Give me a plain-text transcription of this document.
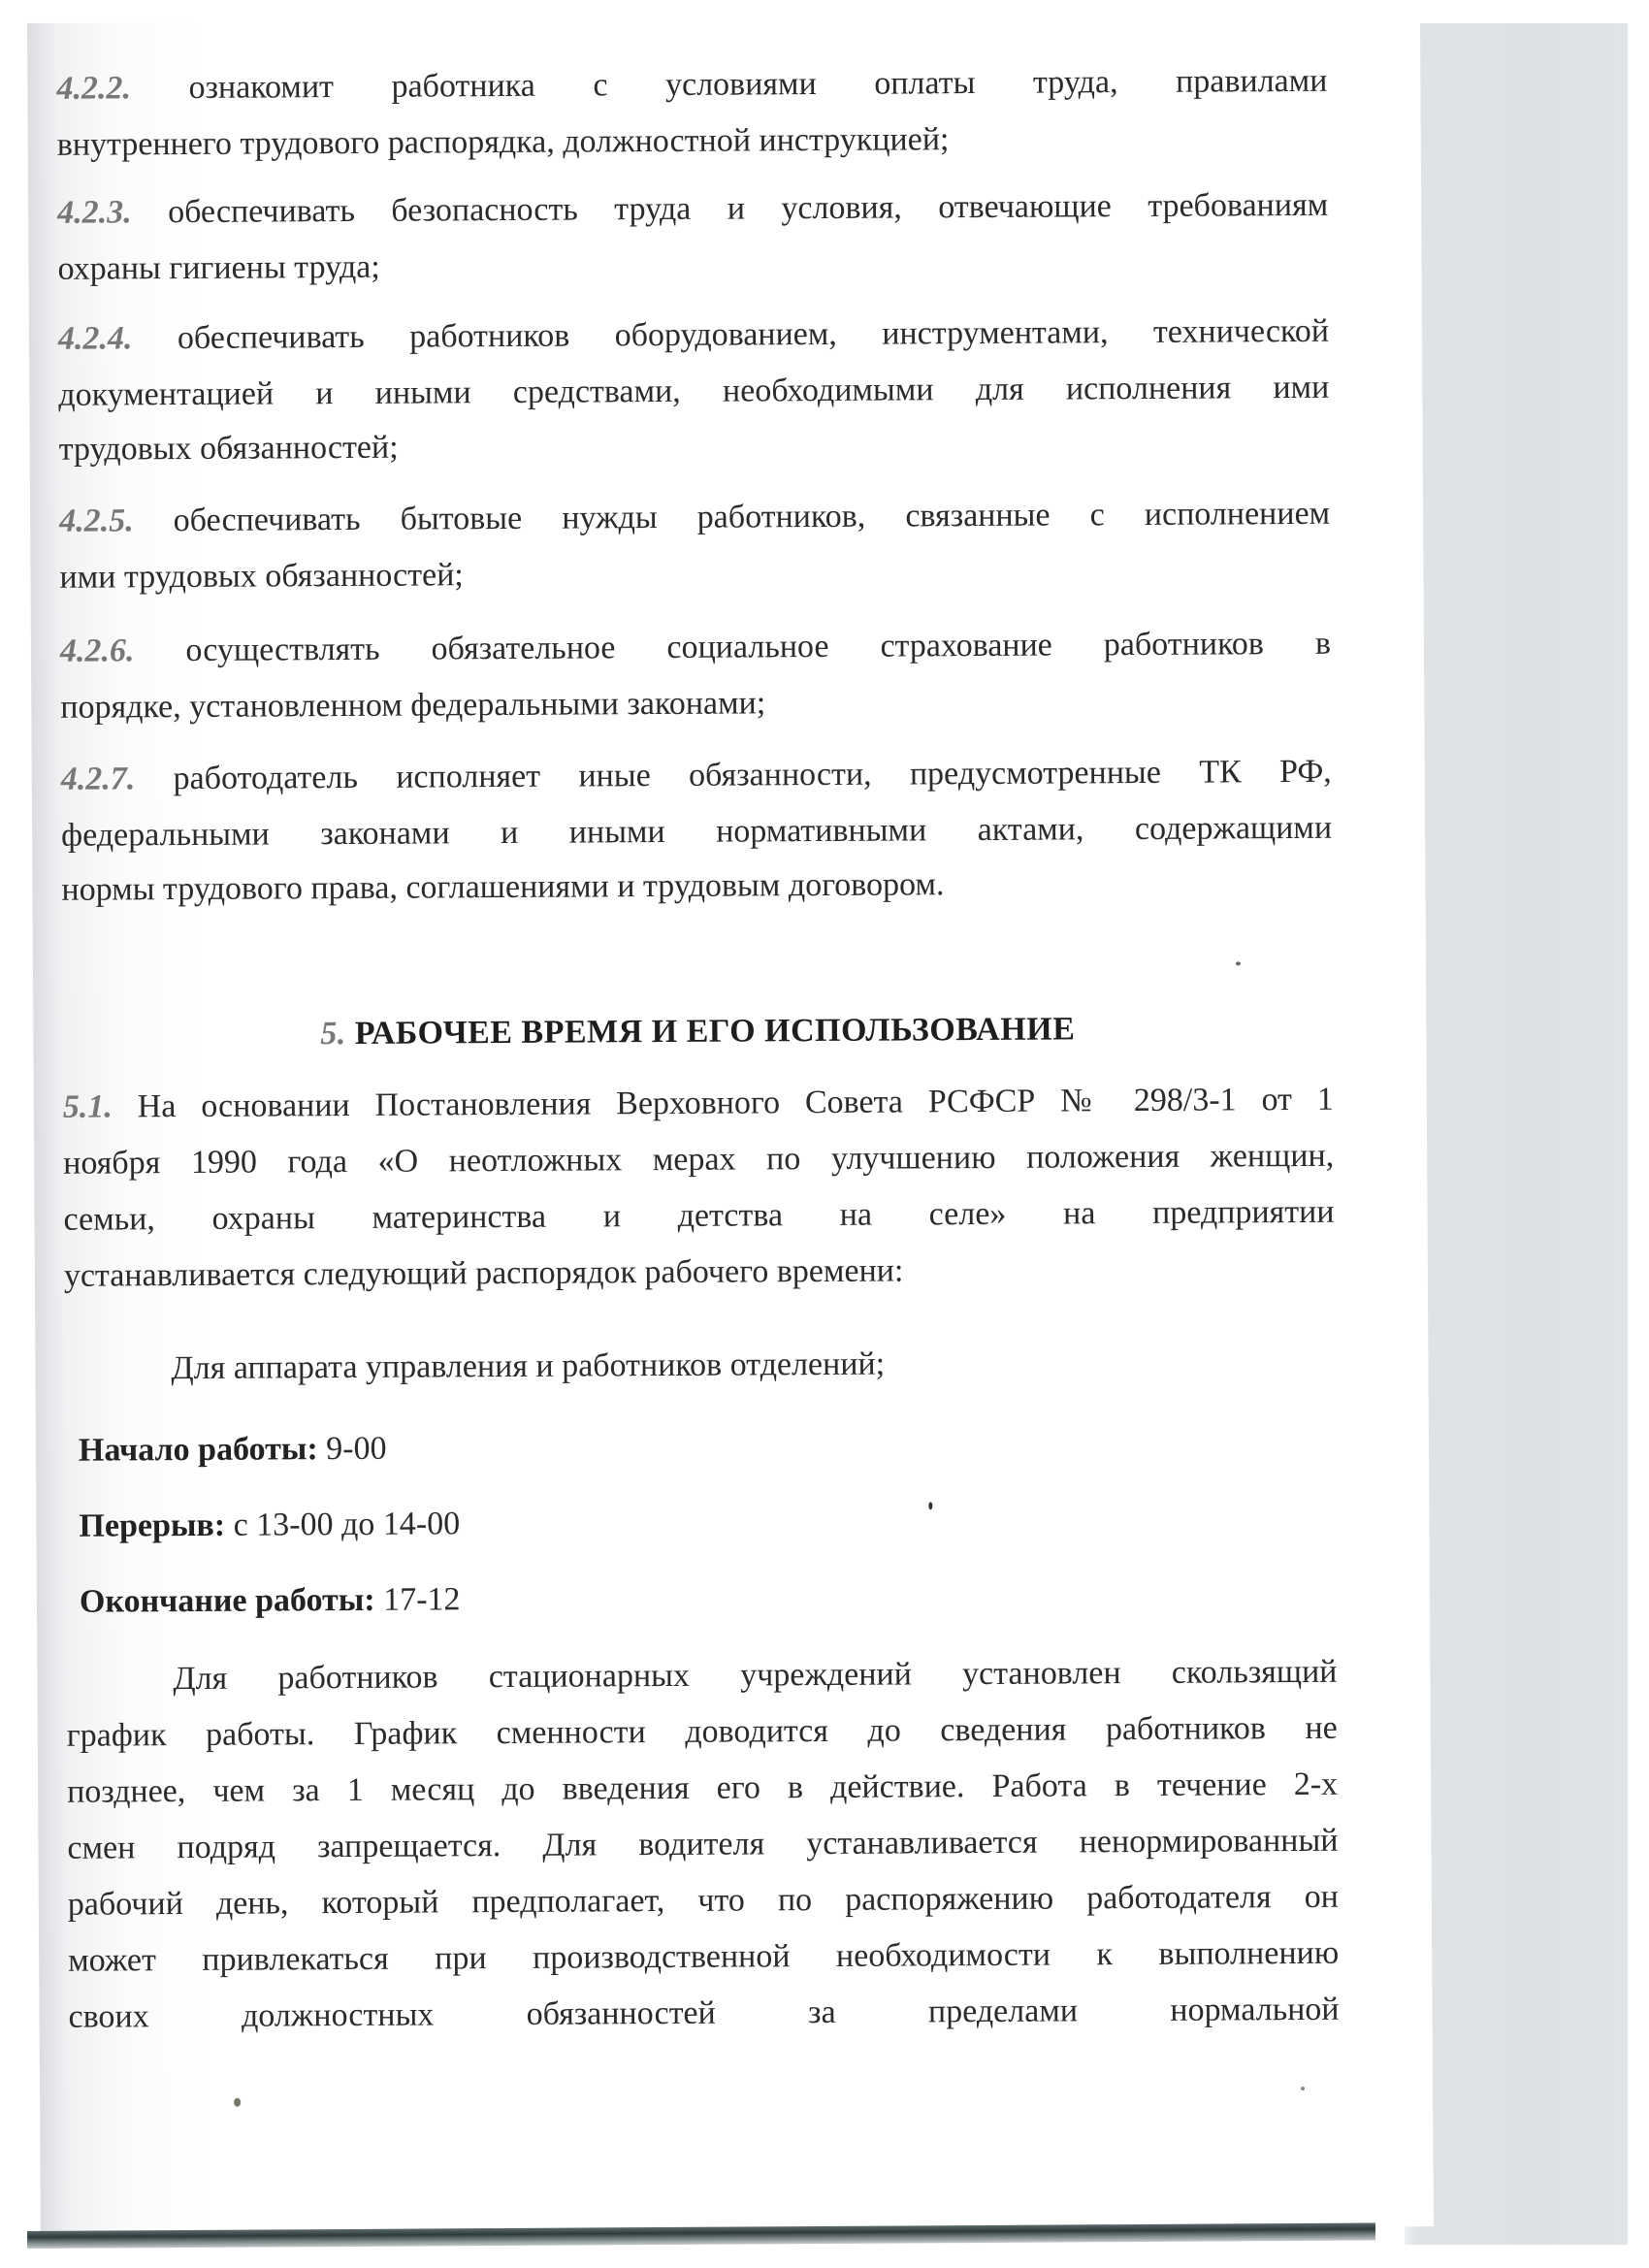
4.2.2. ознакомит работника с условиями оплаты труда, правилами
внутреннего трудового распорядка, должностной инструкцией;
4.2.3. обеспечивать безопасность труда и условия, отвечающие требованиям
охраны гигиены труда;
4.2.4. обеспечивать работников оборудованием, инструментами, технической
документацией и иными средствами, необходимыми для исполнения ими
трудовых обязанностей;
4.2.5. обеспечивать бытовые нужды работников, связанные с исполнением
ими трудовых обязанностей;
4.2.6. осуществлять обязательное социальное страхование работников в
порядке, установленном федеральными законами;
4.2.7. работодатель исполняет иные обязанности, предусмотренные ТК РФ,
федеральными законами и иными нормативными актами, содержащими
нормы трудового права, соглашениями и трудовым договором.
5. РАБОЧЕЕ ВРЕМЯ И ЕГО ИСПОЛЬЗОВАНИЕ
5.1. На основании Постановления Верховного Совета РСФСР № 298/3-1 от 1
ноября 1990 года «О неотложных мерах по улучшению положения женщин,
семьи, охраны материнства и детства на селе» на предприятии
устанавливается следующий распорядок рабочего времени:
Для аппарата управления и работников отделений;
Начало работы: 9-00
Перерыв: с 13-00 до 14-00
Окончание работы: 17-12
Для работников стационарных учреждений установлен скользящий
график работы. График сменности доводится до сведения работников не
позднее, чем за 1 месяц до введения его в действие. Работа в течение 2-х
смен подряд запрещается. Для водителя устанавливается ненормированный
рабочий день, который предполагает, что по распоряжению работодателя он
может привлекаться при производственной необходимости к выполнению
своих должностных обязанностей за пределами нормальной
